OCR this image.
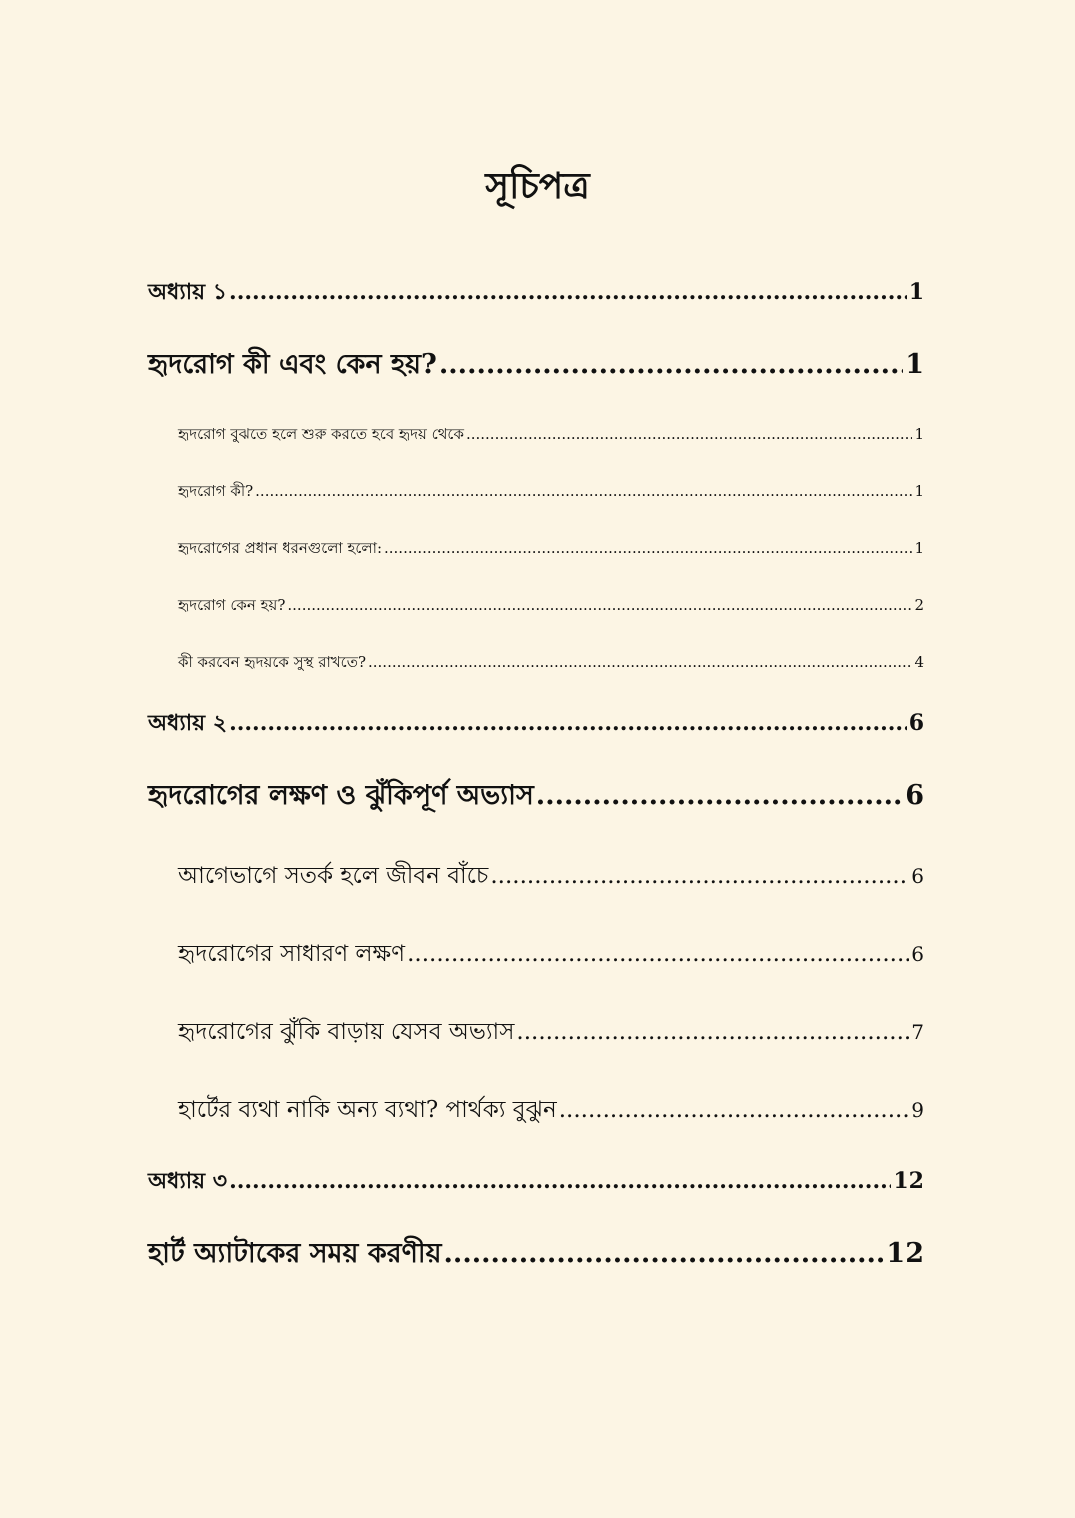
সূচিপত্র
অধ্যায় ১ .....	1
হৃদরোগ কী এবং কেন হয়? .....	1
হৃদরোগ বুঝতে হলে শুরু করতে হবে হৃদয় থেকে .....	1
হৃদরোগ কী? .....	1
হৃদরোগের প্রধান ধরনগুলো হলো: .....	1
হৃদরোগ কেন হয়? .....	2
কী করবেন হৃদয়কে সুস্থ রাখতে? .....	4
অধ্যায় ২ .....	6
হৃদরোগের লক্ষণ ও ঝুঁকিপূর্ণ অভ্যাস .....	6
আগেভাগে সতর্ক হলে জীবন বাঁচে .....	6
হৃদরোগের সাধারণ লক্ষণ .....	6
হৃদরোগের ঝুঁকি বাড়ায় যেসব অভ্যাস .....	7
হার্টের ব্যথা নাকি অন্য ব্যথা? পার্থক্য বুঝুন .....	9
অধ্যায় ৩ .....	12
হার্ট অ্যাটাকের সময় করণীয় .....	12
